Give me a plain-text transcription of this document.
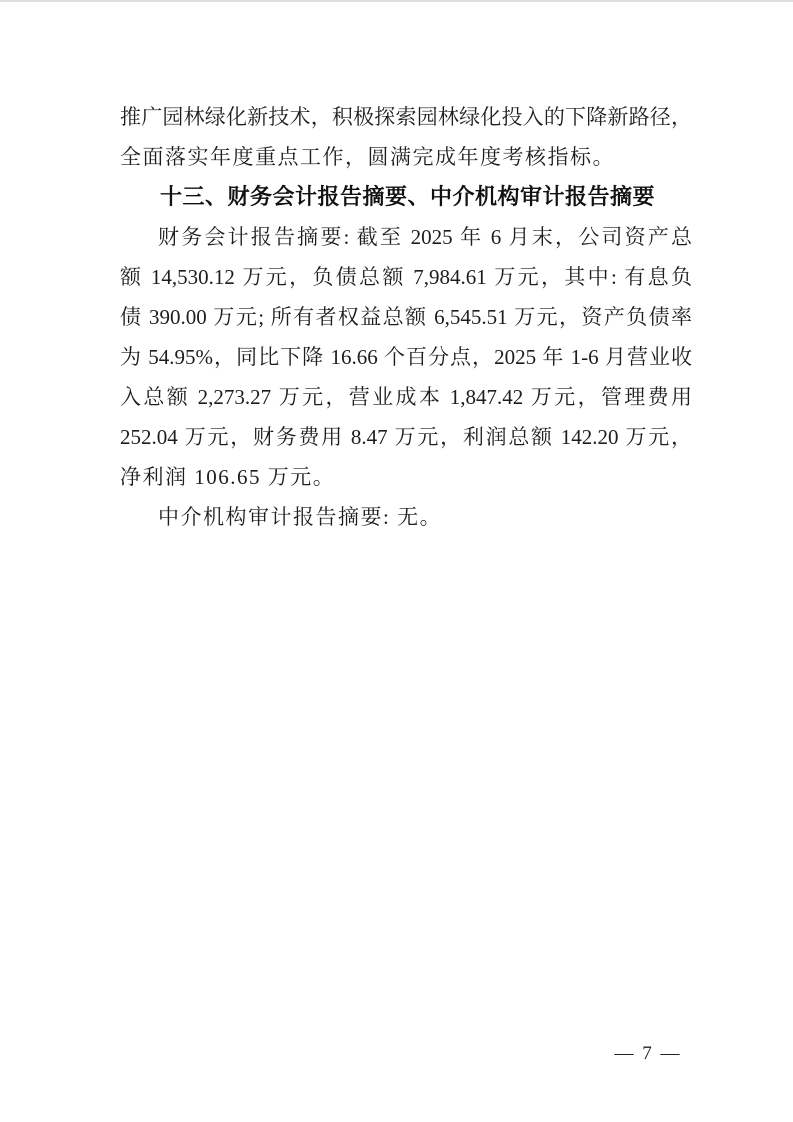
推广园林绿化新技术，积极探索园林绿化投入的下降新路径，
全面落实年度重点工作，圆满完成年度考核指标。
十三、财务会计报告摘要、中介机构审计报告摘要
财务会计报告摘要: 截至 2025 年 6 月末，公司资产总
额 14,530.12 万元，负债总额 7,984.61 万元，其中: 有息负
债 390.00 万元; 所有者权益总额 6,545.51 万元，资产负债率
为 54.95%，同比下降 16.66 个百分点，2025 年 1-6 月营业收
入总额 2,273.27 万元，营业成本 1,847.42 万元，管理费用
252.04 万元，财务费用 8.47 万元，利润总额 142.20 万元，
净利润 106.65 万元。
中介机构审计报告摘要: 无。
— 7 —
